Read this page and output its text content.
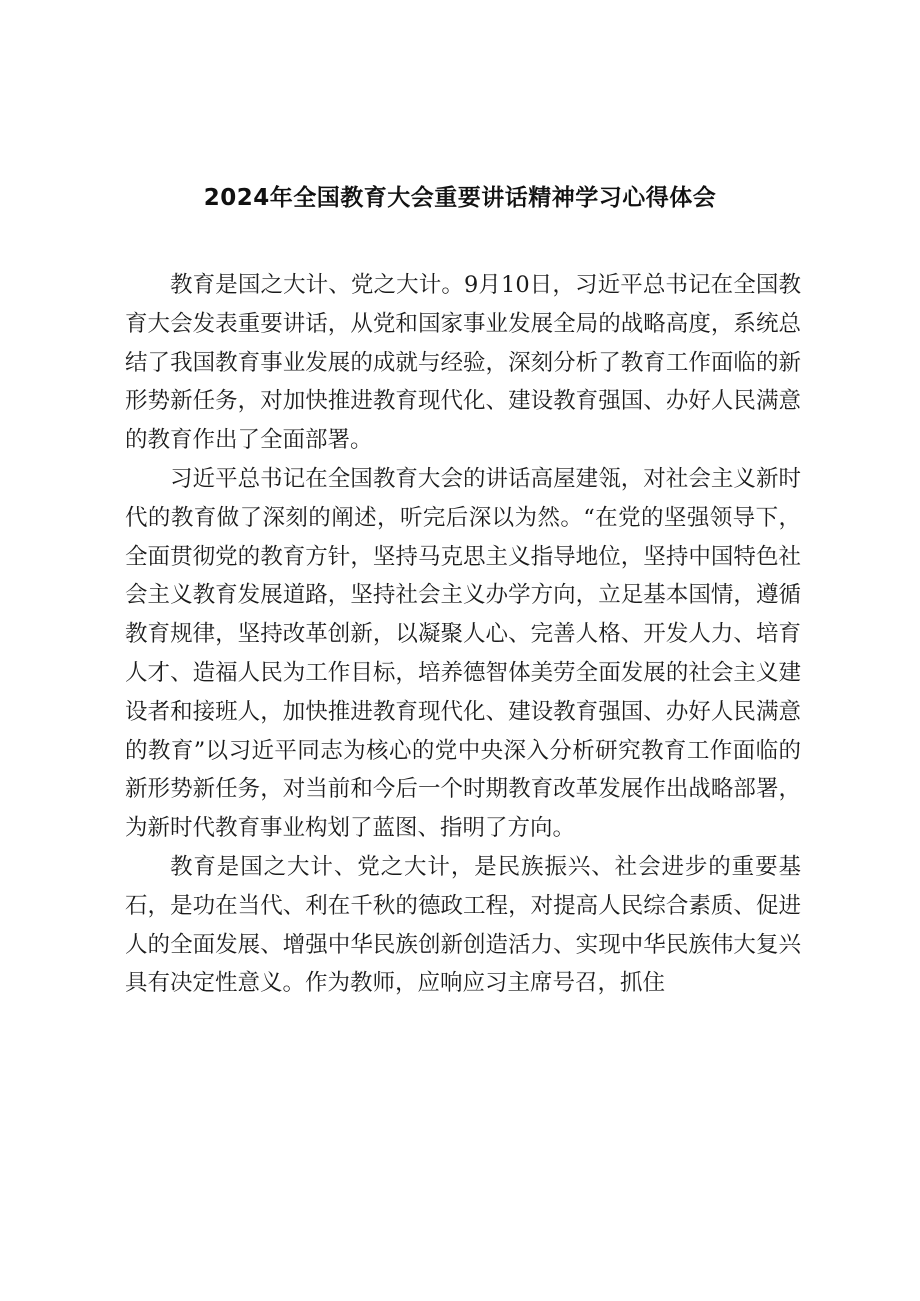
2024年全国教育大会重要讲话精神学习心得体会

教育是国之大计、党之大计。9月10日，习近平总书记在全国教育大会发表重要讲话，从党和国家事业发展全局的战略高度，系统总结了我国教育事业发展的成就与经验，深刻分析了教育工作面临的新形势新任务，对加快推进教育现代化、建设教育强国、办好人民满意的教育作出了全面部署。

习近平总书记在全国教育大会的讲话高屋建瓴，对社会主义新时代的教育做了深刻的阐述，听完后深以为然。“在党的坚强领导下，全面贯彻党的教育方针，坚持马克思主义指导地位，坚持中国特色社会主义教育发展道路，坚持社会主义办学方向，立足基本国情，遵循教育规律，坚持改革创新，以凝聚人心、完善人格、开发人力、培育人才、造福人民为工作目标，培养德智体美劳全面发展的社会主义建设者和接班人，加快推进教育现代化、建设教育强国、办好人民满意的教育”以习近平同志为核心的党中央深入分析研究教育工作面临的新形势新任务，对当前和今后一个时期教育改革发展作出战略部署，为新时代教育事业构划了蓝图、指明了方向。

教育是国之大计、党之大计，是民族振兴、社会进步的重要基石，是功在当代、利在千秋的德政工程，对提高人民综合素质、促进人的全面发展、增强中华民族创新创造活力、实现中华民族伟大复兴具有决定性意义。作为教师，应响应习主席号召，抓住
